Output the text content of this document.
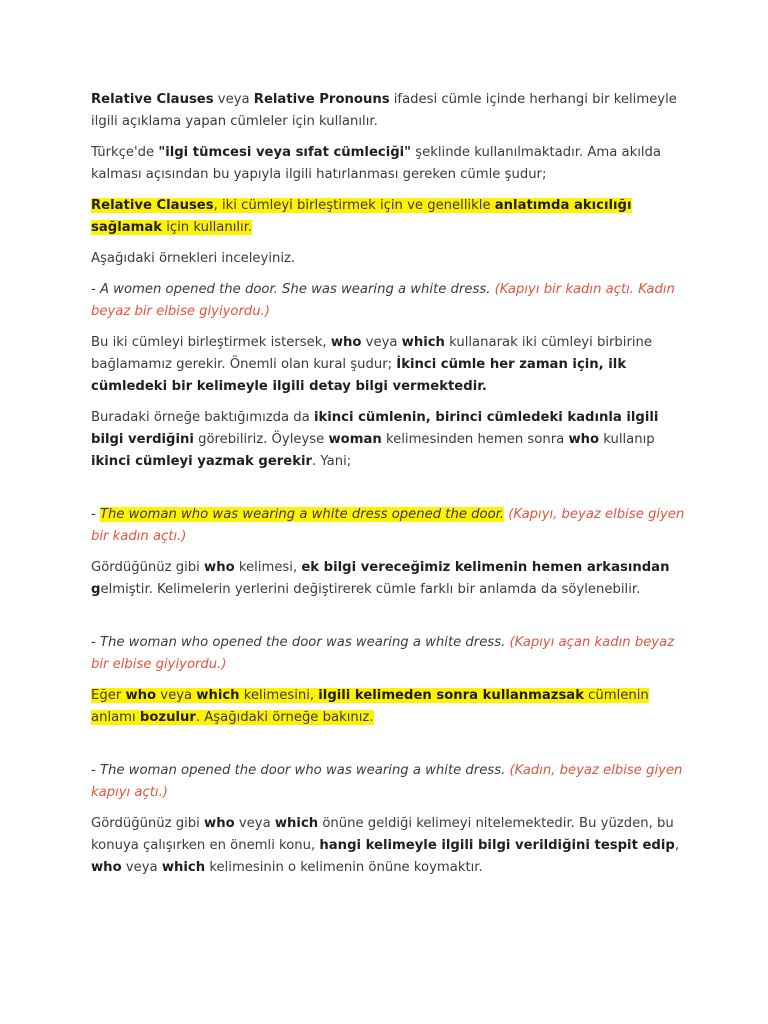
Relative Clauses veya Relative Pronouns ifadesi cümle içinde herhangi bir kelimeyle ilgili açıklama yapan cümleler için kullanılır.

Türkçe'de "ilgi tümcesi veya sıfat cümleciği" şeklinde kullanılmaktadır. Ama akılda kalması açısından bu yapıyla ilgili hatırlanması gereken cümle şudur;

Relative Clauses, iki cümleyi birleştirmek için ve genellikle anlatımda akıcılığı sağlamak için kullanılır.

Aşağıdaki örnekleri inceleyiniz.

- A women opened the door. She was wearing a white dress. (Kapıyı bir kadın açtı. Kadın beyaz bir elbise giyiyordu.)

Bu iki cümleyi birleştirmek istersek, who veya which kullanarak iki cümleyi birbirine bağlamamız gerekir. Önemli olan kural şudur; İkinci cümle her zaman için, ilk cümledeki bir kelimeyle ilgili detay bilgi vermektedir.

Buradaki örneğe baktığımızda da ikinci cümlenin, birinci cümledeki kadınla ilgili bilgi verdiğini görebiliriz. Öyleyse woman kelimesinden hemen sonra who kullanıp ikinci cümleyi yazmak gerekir. Yani;

- The woman who was wearing a white dress opened the door. (Kapıyı, beyaz elbise giyen bir kadın açtı.)

Gördüğünüz gibi who kelimesi, ek bilgi vereceğimiz kelimenin hemen arkasından gelmiştir. Kelimelerin yerlerini değiştirerek cümle farklı bir anlamda da söylenebilir.

- The woman who opened the door was wearing a white dress. (Kapıyı açan kadın beyaz bir elbise giyiyordu.)

Eğer who veya which kelimesini, ilgili kelimeden sonra kullanmazsak cümlenin anlamı bozulur. Aşağıdaki örneğe bakınız.

- The woman opened the door who was wearing a white dress. (Kadın, beyaz elbise giyen kapıyı açtı.)

Gördüğünüz gibi who veya which önüne geldiği kelimeyi nitelemektedir. Bu yüzden, bu konuya çalışırken en önemli konu, hangi kelimeyle ilgili bilgi verildiğini tespit edip, who veya which kelimesinin o kelimenin önüne koymaktır.
